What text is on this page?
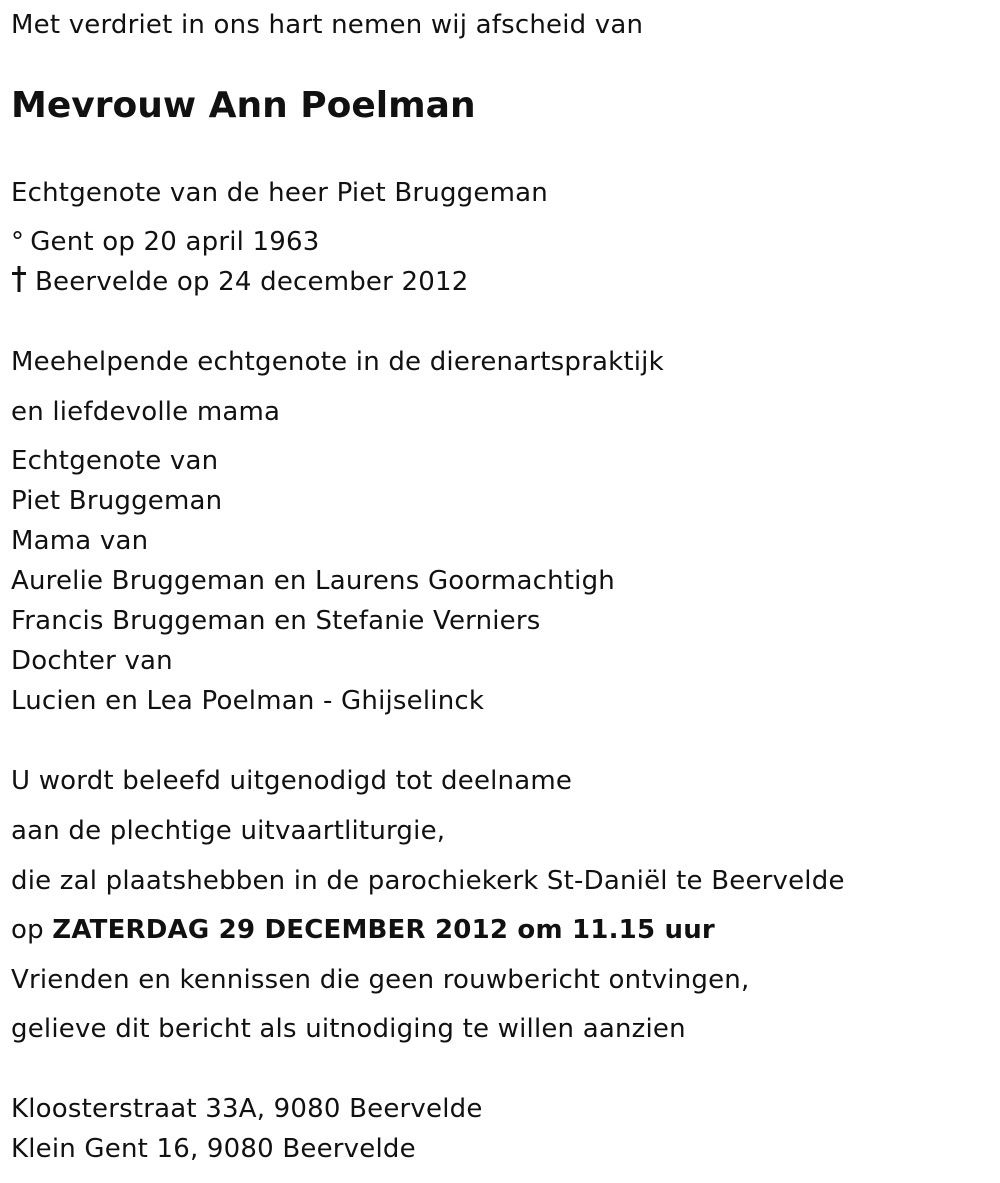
Met verdriet in ons hart nemen wij afscheid van
Mevrouw Ann Poelman
Echtgenote van de heer Piet Bruggeman
° Gent op 20 april 1963
Beervelde op 24 december 2012
Meehelpende echtgenote in de dierenartspraktijk
en liefdevolle mama
Echtgenote van
Piet Bruggeman
Mama van
Aurelie Bruggeman en Laurens Goormachtigh
Francis Bruggeman en Stefanie Verniers
Dochter van
Lucien en Lea Poelman - Ghijselinck
U wordt beleefd uitgenodigd tot deelname
aan de plechtige uitvaartliturgie,
die zal plaatshebben in de parochiekerk St-Daniël te Beervelde
op ZATERDAG 29 DECEMBER 2012 om 11.15 uur
Vrienden en kennissen die geen rouwbericht ontvingen,
gelieve dit bericht als uitnodiging te willen aanzien
Kloosterstraat 33A, 9080 Beervelde
Klein Gent 16, 9080 Beervelde
